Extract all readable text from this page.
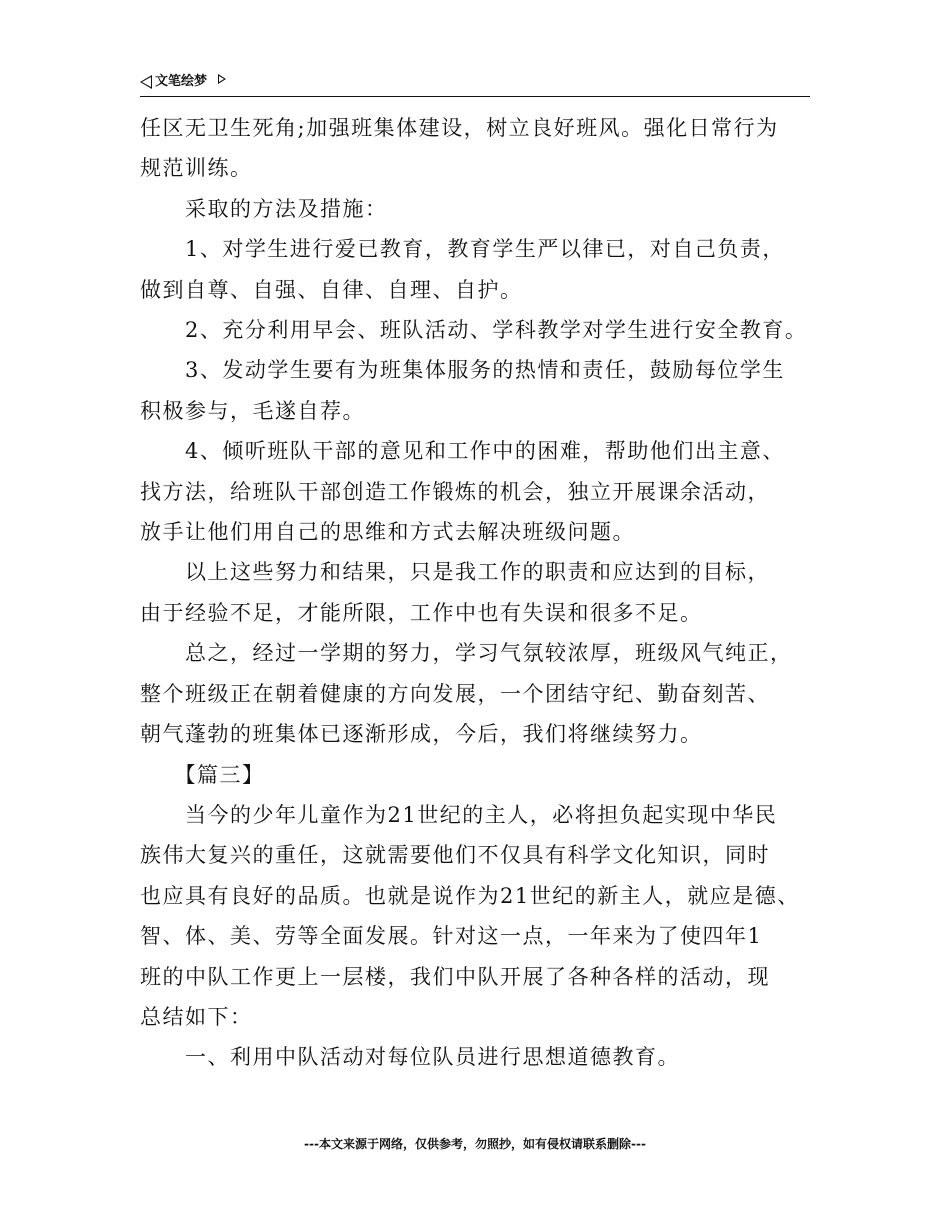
文笔绘梦

任区无卫生死角;加强班集体建设，树立良好班风。强化日常行为

规范训练。

　　采取的方法及措施：

　　1、对学生进行爱已教育，教育学生严以律已，对自己负责，

做到自尊、自强、自律、自理、自护。

　　2、充分利用早会、班队活动、学科教学对学生进行安全教育。

　　3、发动学生要有为班集体服务的热情和责任，鼓励每位学生

积极参与，毛遂自荐。

　　4、倾听班队干部的意见和工作中的困难，帮助他们出主意、

找方法，给班队干部创造工作锻炼的机会，独立开展课余活动，

放手让他们用自己的思维和方式去解决班级问题。

　　以上这些努力和结果，只是我工作的职责和应达到的目标，

由于经验不足，才能所限，工作中也有失误和很多不足。

　　总之，经过一学期的努力，学习气氛较浓厚，班级风气纯正，

整个班级正在朝着健康的方向发展，一个团结守纪、勤奋刻苦、

朝气蓬勃的班集体已逐渐形成，今后，我们将继续努力。

　　【篇三】

　　当今的少年儿童作为21世纪的主人，必将担负起实现中华民

族伟大复兴的重任，这就需要他们不仅具有科学文化知识，同时

也应具有良好的品质。也就是说作为21世纪的新主人，就应是德、

智、体、美、劳等全面发展。针对这一点，一年来为了使四年1

班的中队工作更上一层楼，我们中队开展了各种各样的活动，现

总结如下：

　　一、利用中队活动对每位队员进行思想道德教育。

---本文来源于网络，仅供参考，勿照抄，如有侵权请联系删除---
